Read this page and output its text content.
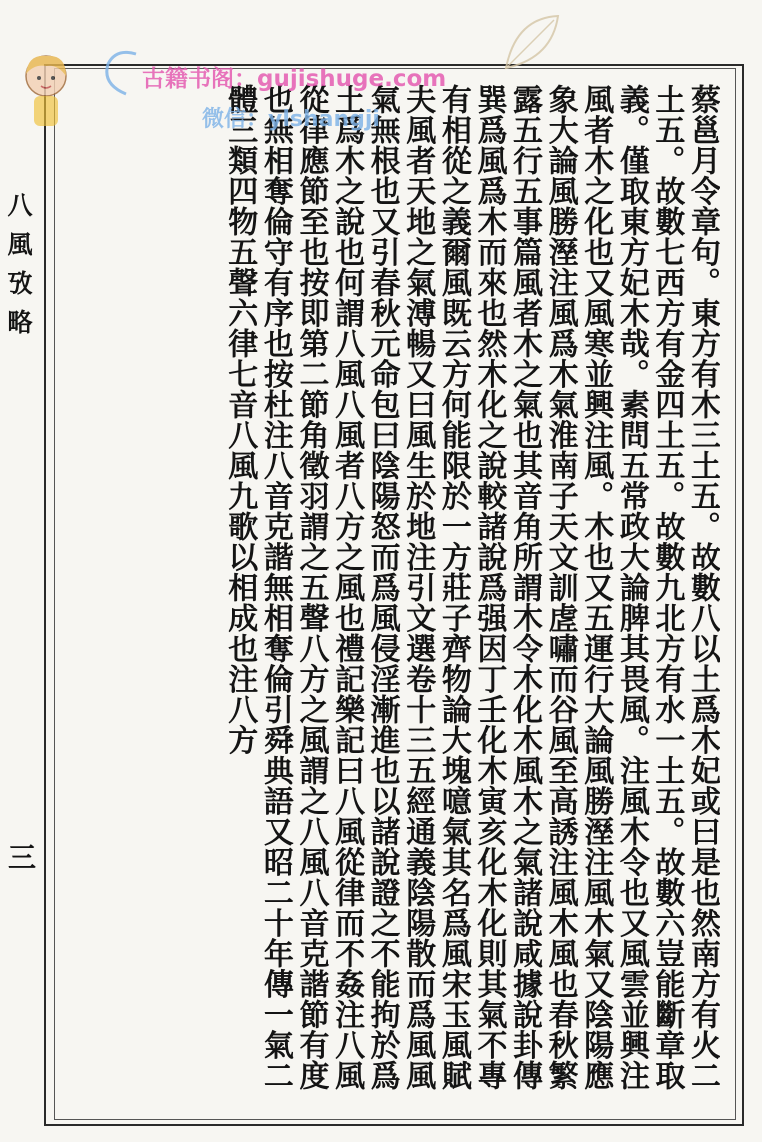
八風攷略
三	蔡邕月令章句。東方有木三土五。故數八以土爲木妃或曰是也然南方有火二土五。故數七西方有金四土五。故數九北方有水一土五。故數六豈能斷章取義。僅取東方妃木哉。素問五常政大論脾其畏風。注風木令也又風雲並興注風者木之化也又風寒並興注風。木也又五運行大論風勝溼注風木氣又陰陽應象大論風勝溼注風爲木氣淮南子天文訓虗嘯而谷風至高誘注風木風也春秋繁露五行五事篇風者木之氣也其音角所謂木令木化木風木之氣諸說咸據說卦傳巽爲風爲木而來也然木化之說較諸說爲强因丁壬化木寅亥化木化則其氣不專有相從之義爾風既云方何能限於一方莊子齊物論大塊噫氣其名爲風宋玉風賦夫風者天地之氣溥暢又曰風生於地注引文選卷十三五經通義陰陽散而爲風風氣無根也又引春秋元命包曰陰陽怒而爲風侵淫漸進也以諸說證之不能拘於爲土爲木之說也何謂八風八風者八方之風也禮記樂記曰八風從律而不姦注八風從律應節至也按即第二節角徵羽謂之五聲八方之風謂之八風八音克諧節有度也無相奪倫守有序也按杜注八音克諧無相奪倫引舜典語又昭二十年傳一氣二體三類四物五聲六律七音八風九歌以相成也注八方
古籍书阁：gujishuge.com
微信：ylshangji
